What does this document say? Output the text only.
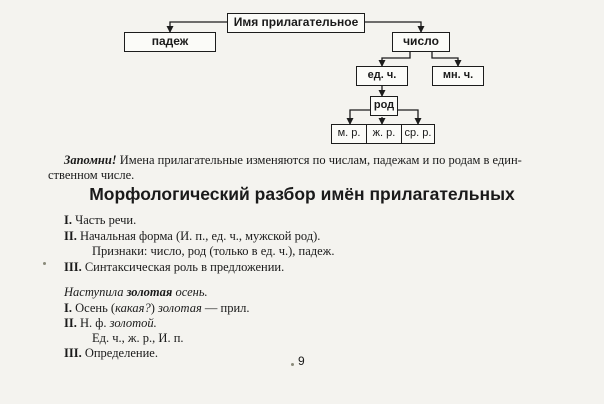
Имя прилагательное
падеж	число
ед. ч.	мн. ч.
род
м. р.	ж. р. ср. р.
Запомни! Имена прилагательные изменяются по числам, падежам и по родам в един-
ственном числе.
Морфологический разбор имён прилагательных
I. Часть речи.
II. Начальная форма (И. п., ед. ч., мужской род).
Признаки: число, род (только в ед. ч.), падеж.
III. Синтаксическая роль в предложении.
Наступила золотая осень.
I. Осень (какая?) золотая — прил.
II. Н. ф. золотой.
Ед. ч., ж. р., И. п.
III. Определение.
9
